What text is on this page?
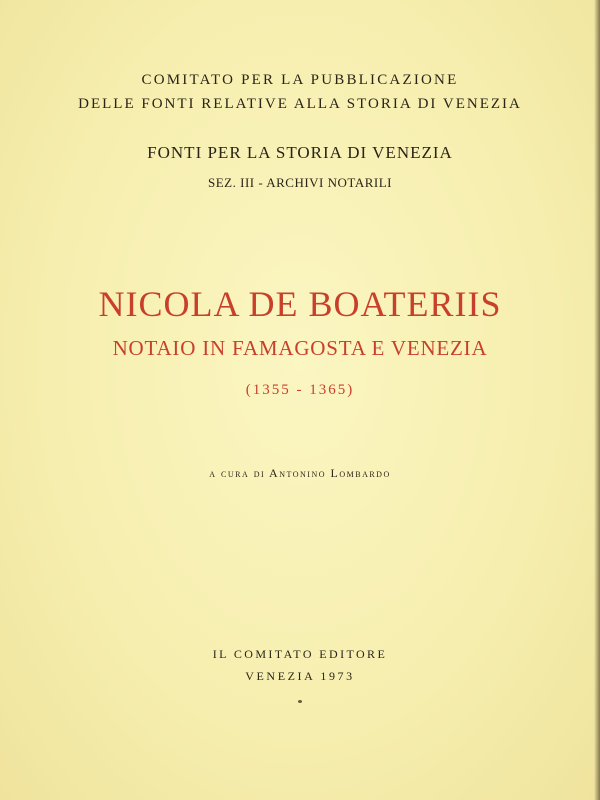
COMITATO PER LA PUBBLICAZIONE
DELLE FONTI RELATIVE ALLA STORIA DI VENEZIA
FONTI PER LA STORIA DI VENEZIA
SEZ. III - ARCHIVI NOTARILI
NICOLA DE BOATERIIS
NOTAIO IN FAMAGOSTA E VENEZIA
(1355 - 1365)
a cura di Antonino Lombardo
IL COMITATO EDITORE
VENEZIA 1973
